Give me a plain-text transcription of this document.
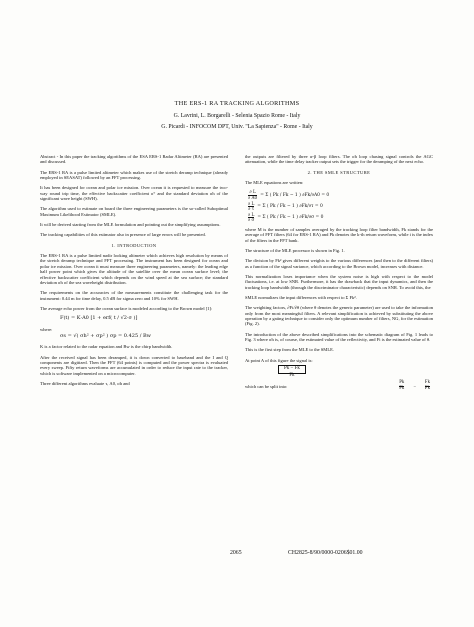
THE ERS-1 RA TRACKING ALGORITHMS
G. Lavrini, L. Borgarelli - Selenia Spazio Rome - Italy
G. Picardi - INFOCOM DPT, Univ. "La Sapienza" - Rome - Italy

Abstract - In this paper the tracking algorithms of the ESA ERS-1 Radar Altimeter (RA) are presented and discussed.

The ERS-1 RA is a pulse limited altimeter which makes use of the stretch deramp technique (already employed in SEASAT) followed by an FFT processing.

It has been designed for ocean and polar ice mission. Over ocean it is requested to measure the two-way round trip time, the effective backscatter coefficient σ° and the standard deviation σh of the significant wave height (SWH).

The algorithm used to estimate on board the three engineering parameters is the so-called Suboptimal Maximum Likelihood Estimator (SMLE).

It will be derived starting from the MLE formulation and pointing out the simplifying assumptions.

The tracking capabilities of this estimator also in presence of large errors will be presented.

1. INTRODUCTION

The ERS-1 RA is a pulse limited nadir looking altimeter which achieves high resolution by means of the stretch deramp technique and FFT processing. The instrument has been designed for ocean and polar ice mission. Over ocean it must measure three engineering parameters, namely: the leading edge half power point which gives the altitude of the satellite over the mean ocean surface level; the effective backscatter coefficient which depends on the wind speed at the sea surface; the standard deviation σh of the sea waveheight distribution.

The requirements on the accuracies of the measurements constitute the challenging task for the instrument: 0.44 m for time delay, 0.5 dB for sigma zero and 10% for SWH.

The average echo power from the ocean surface is modeled according to the Brown model [1]:

F(t) = K·A0 [1 + erf( t / √2·σ )]

where:

σs = √( σh² + σp² ) σp = 0.425 / Bw

K is a factor related to the radar equation and Bw is the chirp bandwidth.

After the received signal has been deramped, it is down converted to baseband and the I and Q components are digitized. Then the FFT (64 points) is computed and the power spectra is evaluated every sweep. Fifty return waveforms are accumulated in order to reduce the input rate to the tracker, which is software implemented on a microcomputer.

Three different algorithms evaluate τ, A0, σh and

the outputs are filtered by three α-β loop filters. The σh loop chasing signal controls the AGC attenuation, while the time delay tracker output sets the trigger for the deramping of the next echo.

2. THE SMLE STRUCTURE

The MLE equations are written:

$\frac{\partial L}{\partial A0} = \Sigma$ ( Pk / Fk − 1 ) ∂Fk/∂A0 = 0
$\frac{\partial L}{\partial \tau} = \Sigma$ ( Pk / Fk − 1 ) ∂Fk/∂τ = 0
$\frac{\partial L}{\partial \sigma} = \Sigma$ ( Pk / Fk − 1 ) ∂Fk/∂σ = 0

where M is the number of samples averaged by the tracking loop filter bandwidth, Fk stands for the average of FFT filters (64 for ERS-1 RA) and Pk denotes the k-th return waveform, while i is the index of the filters in the FFT bank.

The structure of the MLE processor is shown in Fig. 1.

The division by Fk² gives different weights to the various differences (and then to the different filters) as a function of the signal variance, which according to the Brown model, increases with distance.

This normalization loses importance when the system noise is high with respect to the model fluctuations, i.e. at low SNR. Furthermore, it has the drawback that the input dynamics, and then the tracking loop bandwidth (through the discriminator characteristic) depends on SNR. To avoid this, the

SMLE normalizes the input differences with respect to Σ Fk².

The weighting factors, ∂Fi/∂θ (where θ denotes the generic parameter) are used to take the information only from the most meaningful filters. A relevant simplification is achieved by substituting the above operation by a gating technique to consider only the optimum number of filters, NG, for the estimation (Fig. 2).

The introduction of the above described simplifications into the schematic diagram of Fig. 1 leads to Fig. 3 where σh is, of course, the estimated value of the reflectivity, and Fi is the estimated value of θ.

This is the first step from the MLE to the SMLE.

At point A of this figure the signal is:

$\frac{Pk - Fk}{Fk}$
which can be split into:	$\frac{Pk}{Fk} - \frac{Fk}{Fk}$
2065	CH2825-8/90/0000-0206$01.00
